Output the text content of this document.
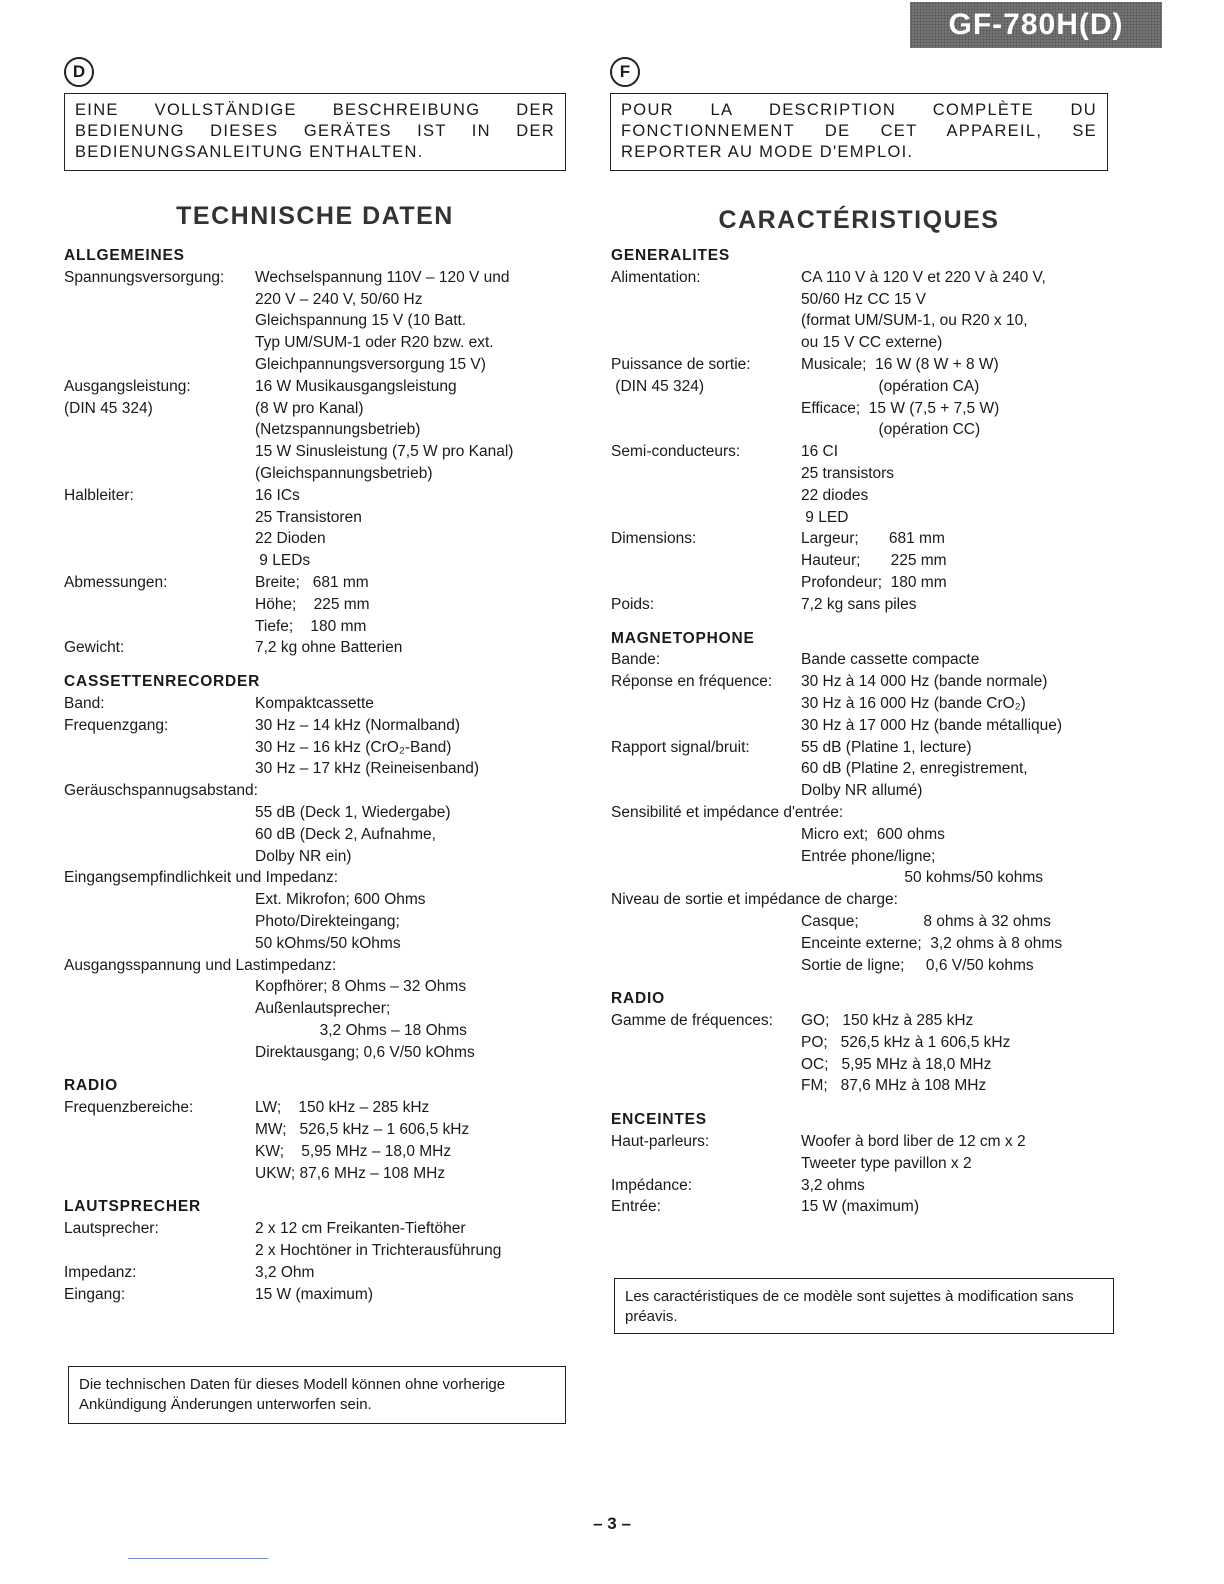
GF-780H(D)
D	F
EINE VOLLSTÄNDIGE BESCHREIBUNG DER BEDIENUNG DIESES GERÄTES IST IN DER BEDIENUNGSANLEITUNG ENTHALTEN.
POUR LA DESCRIPTION COMPLÈTE DU FONCTIONNEMENT DE CET APPAREIL, SE REPORTER AU MODE D'EMPLOI.
TECHNISCHE DATEN	CARACTÉRISTIQUES
ALLGEMEINES
Spannungsversorgung:	Wechselspannung 110V – 120 V und
220 V – 240 V, 50/60 Hz
Gleichspannung 15 V (10 Batt.
Typ UM/SUM-1 oder R20 bzw. ext.
Gleichpannungsversorgung 15 V)
Ausgangsleistung:	16 W Musikausgangsleistung
(DIN 45 324)	(8 W pro Kanal)
(Netzspannungsbetrieb)
15 W Sinusleistung (7,5 W pro Kanal)
(Gleichspannungsbetrieb)
Halbleiter:	16 ICs
25 Transistoren
22 Dioden
9 LEDs
Abmessungen:	Breite;   681 mm
Höhe;    225 mm
Tiefe;    180 mm
Gewicht:	7,2 kg ohne Batterien
CASSETTENRECORDER
Band:	Kompaktcassette
Frequenzgang:	30 Hz – 14 kHz (Normalband)
30 Hz – 16 kHz (CrO₂-Band)
30 Hz – 17 kHz (Reineisenband)
Geräuschspannugsabstand:
55 dB (Deck 1, Wiedergabe)
60 dB (Deck 2, Aufnahme,
Dolby NR ein)
Eingangsempfindlichkeit und Impedanz:
Ext. Mikrofon; 600 Ohms
Photo/Direkteingang;
50 kOhms/50 kOhms
Ausgangsspannung und Lastimpedanz:
Kopfhörer; 8 Ohms – 32 Ohms
Außenlautsprecher;
3,2 Ohms – 18 Ohms
Direktausgang; 0,6 V/50 kOhms
RADIO
Frequenzbereiche:	LW;    150 kHz – 285 kHz
MW;   526,5 kHz – 1 606,5 kHz
KW;    5,95 MHz – 18,0 MHz
UKW; 87,6 MHz – 108 MHz
LAUTSPRECHER
Lautsprecher:	2 x 12 cm Freikanten-Tieftöher
2 x Hochtöner in Trichterausführung
Impedanz:	3,2 Ohm
Eingang:	15 W (maximum)
GENERALITES
Alimentation:	CA 110 V à 120 V et 220 V à 240 V,
50/60 Hz CC 15 V
(format UM/SUM-1, ou R20 x 10,
ou 15 V CC externe)
Puissance de sortie:	Musicale;  16 W (8 W + 8 W)
(DIN 45 324)	(opération CA)
Efficace;  15 W (7,5 + 7,5 W)
(opération CC)
Semi-conducteurs:	16 CI
25 transistors
22 diodes
9 LED
Dimensions:	Largeur;       681 mm
Hauteur;       225 mm
Profondeur;  180 mm
Poids:	7,2 kg sans piles
MAGNETOPHONE
Bande:	Bande cassette compacte
Réponse en fréquence:	30 Hz à 14 000 Hz (bande normale)
30 Hz à 16 000 Hz (bande CrO₂)
30 Hz à 17 000 Hz (bande métallique)
Rapport signal/bruit:	55 dB (Platine 1, lecture)
60 dB (Platine 2, enregistrement,
Dolby NR allumé)
Sensibilité et impédance d'entrée:
Micro ext;  600 ohms
Entrée phone/ligne;
50 kohms/50 kohms
Niveau de sortie et impédance de charge:
Casque;               8 ohms à 32 ohms
Enceinte externe;  3,2 ohms à 8 ohms
Sortie de ligne;     0,6 V/50 kohms
RADIO
Gamme de fréquences:	GO;   150 kHz à 285 kHz
PO;   526,5 kHz à 1 606,5 kHz
OC;   5,95 MHz à 18,0 MHz
FM;   87,6 MHz à 108 MHz
ENCEINTES
Haut-parleurs:	Woofer à bord liber de 12 cm x 2
Tweeter type pavillon x 2
Impédance:	3,2 ohms
Entrée:	15 W (maximum)
Die technischen Daten für dieses Modell können ohne vorherige Ankündigung Änderungen unterworfen sein.
Les caractéristiques de ce modèle sont sujettes à modification sans préavis.
– 3 –
